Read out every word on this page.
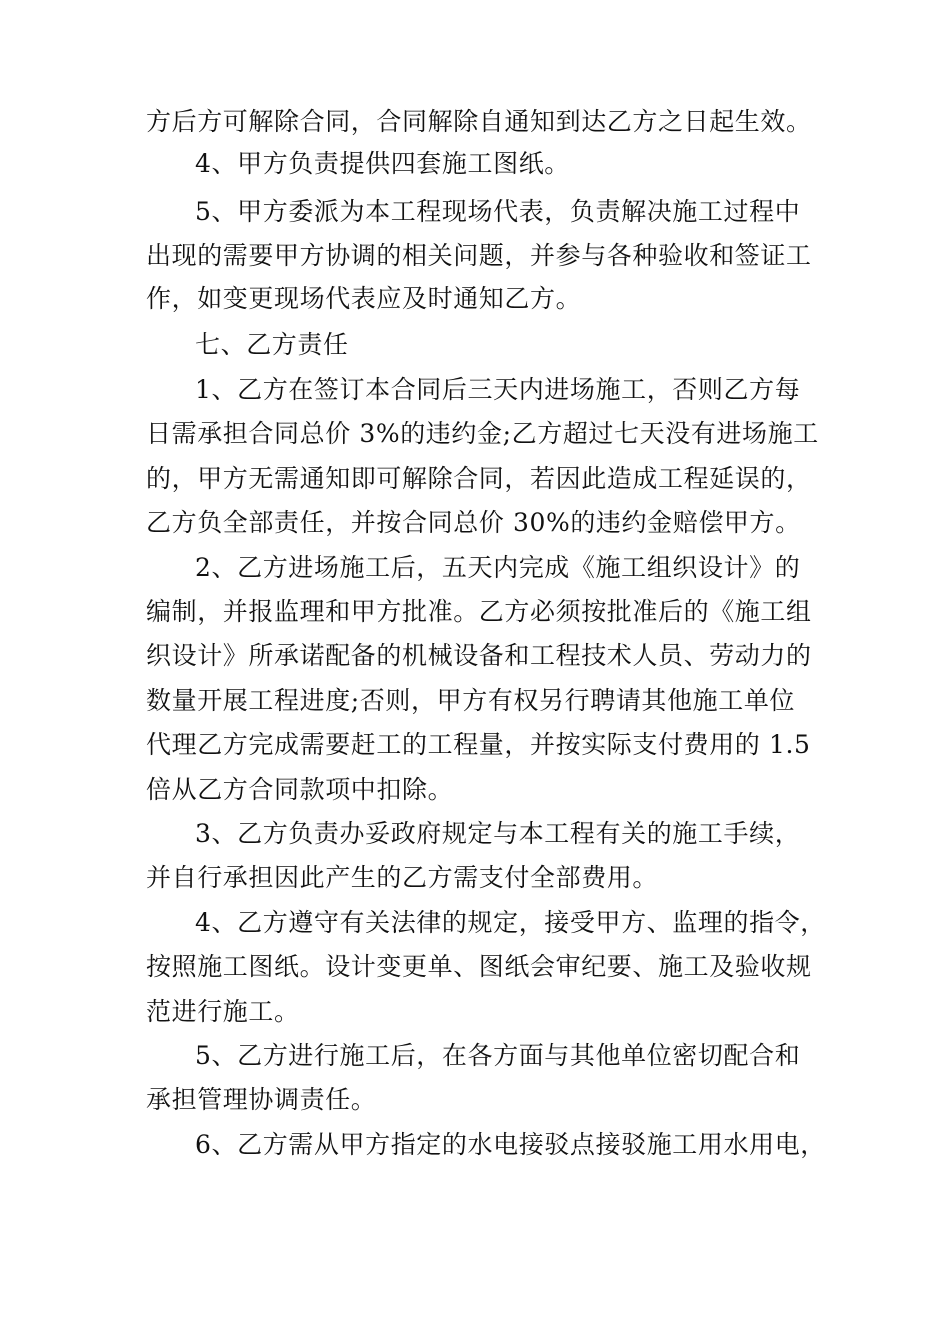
方后方可解除合同，合同解除自通知到达乙方之日起生效。
4、甲方负责提供四套施工图纸。
5、甲方委派为本工程现场代表，负责解决施工过程中
出现的需要甲方协调的相关问题，并参与各种验收和签证工
作，如变更现场代表应及时通知乙方。
七、乙方责任
1、乙方在签订本合同后三天内进场施工，否则乙方每
日需承担合同总价 3%的违约金;乙方超过七天没有进场施工
的，甲方无需通知即可解除合同，若因此造成工程延误的，
乙方负全部责任，并按合同总价 30%的违约金赔偿甲方。
2、乙方进场施工后，五天内完成《施工组织设计》的
编制，并报监理和甲方批准。乙方必须按批准后的《施工组
织设计》所承诺配备的机械设备和工程技术人员、劳动力的
数量开展工程进度;否则，甲方有权另行聘请其他施工单位
代理乙方完成需要赶工的工程量，并按实际支付费用的 1.5
倍从乙方合同款项中扣除。
3、乙方负责办妥政府规定与本工程有关的施工手续，
并自行承担因此产生的乙方需支付全部费用。
4、乙方遵守有关法律的规定，接受甲方、监理的指令，
按照施工图纸。设计变更单、图纸会审纪要、施工及验收规
范进行施工。
5、乙方进行施工后，在各方面与其他单位密切配合和
承担管理协调责任。
6、乙方需从甲方指定的水电接驳点接驳施工用水用电，
